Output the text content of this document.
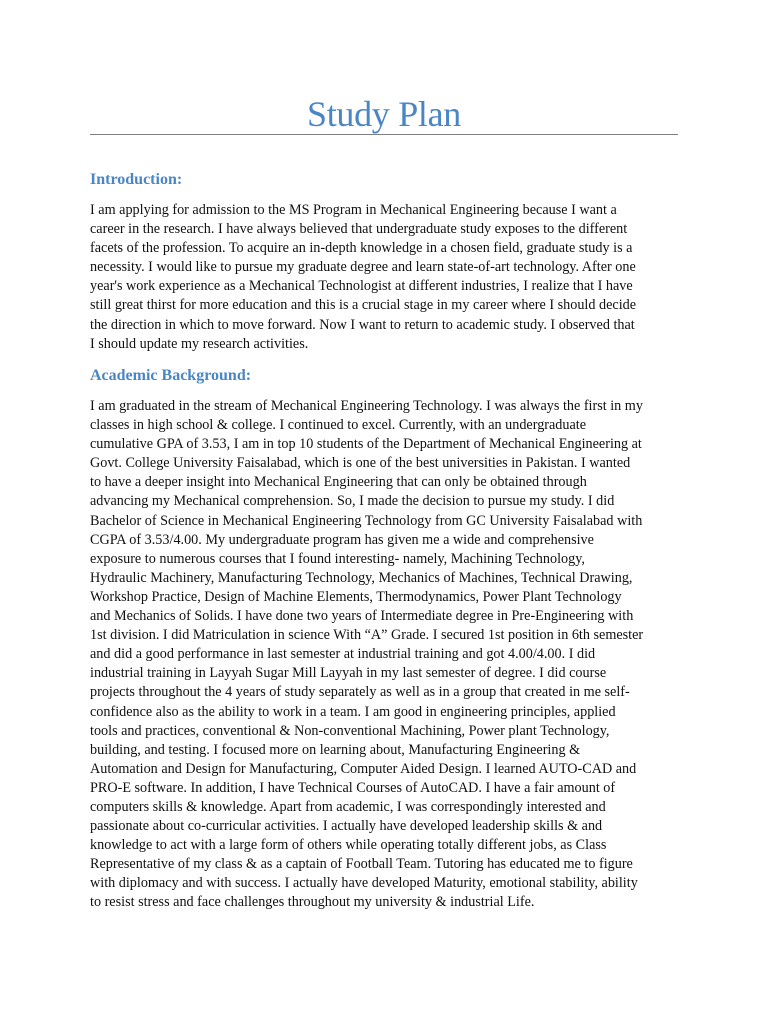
Study Plan
Introduction:

I am applying for admission to the MS Program in Mechanical Engineering because I want a
career in the research. I have always believed that undergraduate study exposes to the different
facets of the profession. To acquire an in-depth knowledge in a chosen field, graduate study is a
necessity. I would like to pursue my graduate degree and learn state-of-art technology. After one
year's work experience as a Mechanical Technologist at different industries, I realize that I have
still great thirst for more education and this is a crucial stage in my career where I should decide
the direction in which to move forward. Now I want to return to academic study. I observed that
I should update my research activities.

Academic Background:

I am graduated in the stream of Mechanical Engineering Technology. I was always the first in my
classes in high school & college. I continued to excel. Currently, with an undergraduate
cumulative GPA of 3.53, I am in top 10 students of the Department of Mechanical Engineering at
Govt. College University Faisalabad, which is one of the best universities in Pakistan. I wanted
to have a deeper insight into Mechanical Engineering that can only be obtained through
advancing my Mechanical comprehension. So, I made the decision to pursue my study. I did
Bachelor of Science in Mechanical Engineering Technology from GC University Faisalabad with
CGPA of 3.53/4.00. My undergraduate program has given me a wide and comprehensive
exposure to numerous courses that I found interesting- namely, Machining Technology,
Hydraulic Machinery, Manufacturing Technology, Mechanics of Machines, Technical Drawing,
Workshop Practice, Design of Machine Elements, Thermodynamics, Power Plant Technology
and Mechanics of Solids. I have done two years of Intermediate degree in Pre-Engineering with
1st division. I did Matriculation in science With “A” Grade. I secured 1st position in 6th semester
and did a good performance in last semester at industrial training and got 4.00/4.00. I did
industrial training in Layyah Sugar Mill Layyah in my last semester of degree. I did course
projects throughout the 4 years of study separately as well as in a group that created in me self-
confidence also as the ability to work in a team. I am good in engineering principles, applied
tools and practices, conventional & Non-conventional Machining, Power plant Technology,
building, and testing. I focused more on learning about, Manufacturing Engineering &
Automation and Design for Manufacturing, Computer Aided Design. I learned AUTO-CAD and
PRO-E software. In addition, I have Technical Courses of AutoCAD. I have a fair amount of
computers skills & knowledge. Apart from academic, I was correspondingly interested and
passionate about co-curricular activities. I actually have developed leadership skills & and
knowledge to act with a large form of others while operating totally different jobs, as Class
Representative of my class & as a captain of Football Team. Tutoring has educated me to figure
with diplomacy and with success. I actually have developed Maturity, emotional stability, ability
to resist stress and face challenges throughout my university & industrial Life.
